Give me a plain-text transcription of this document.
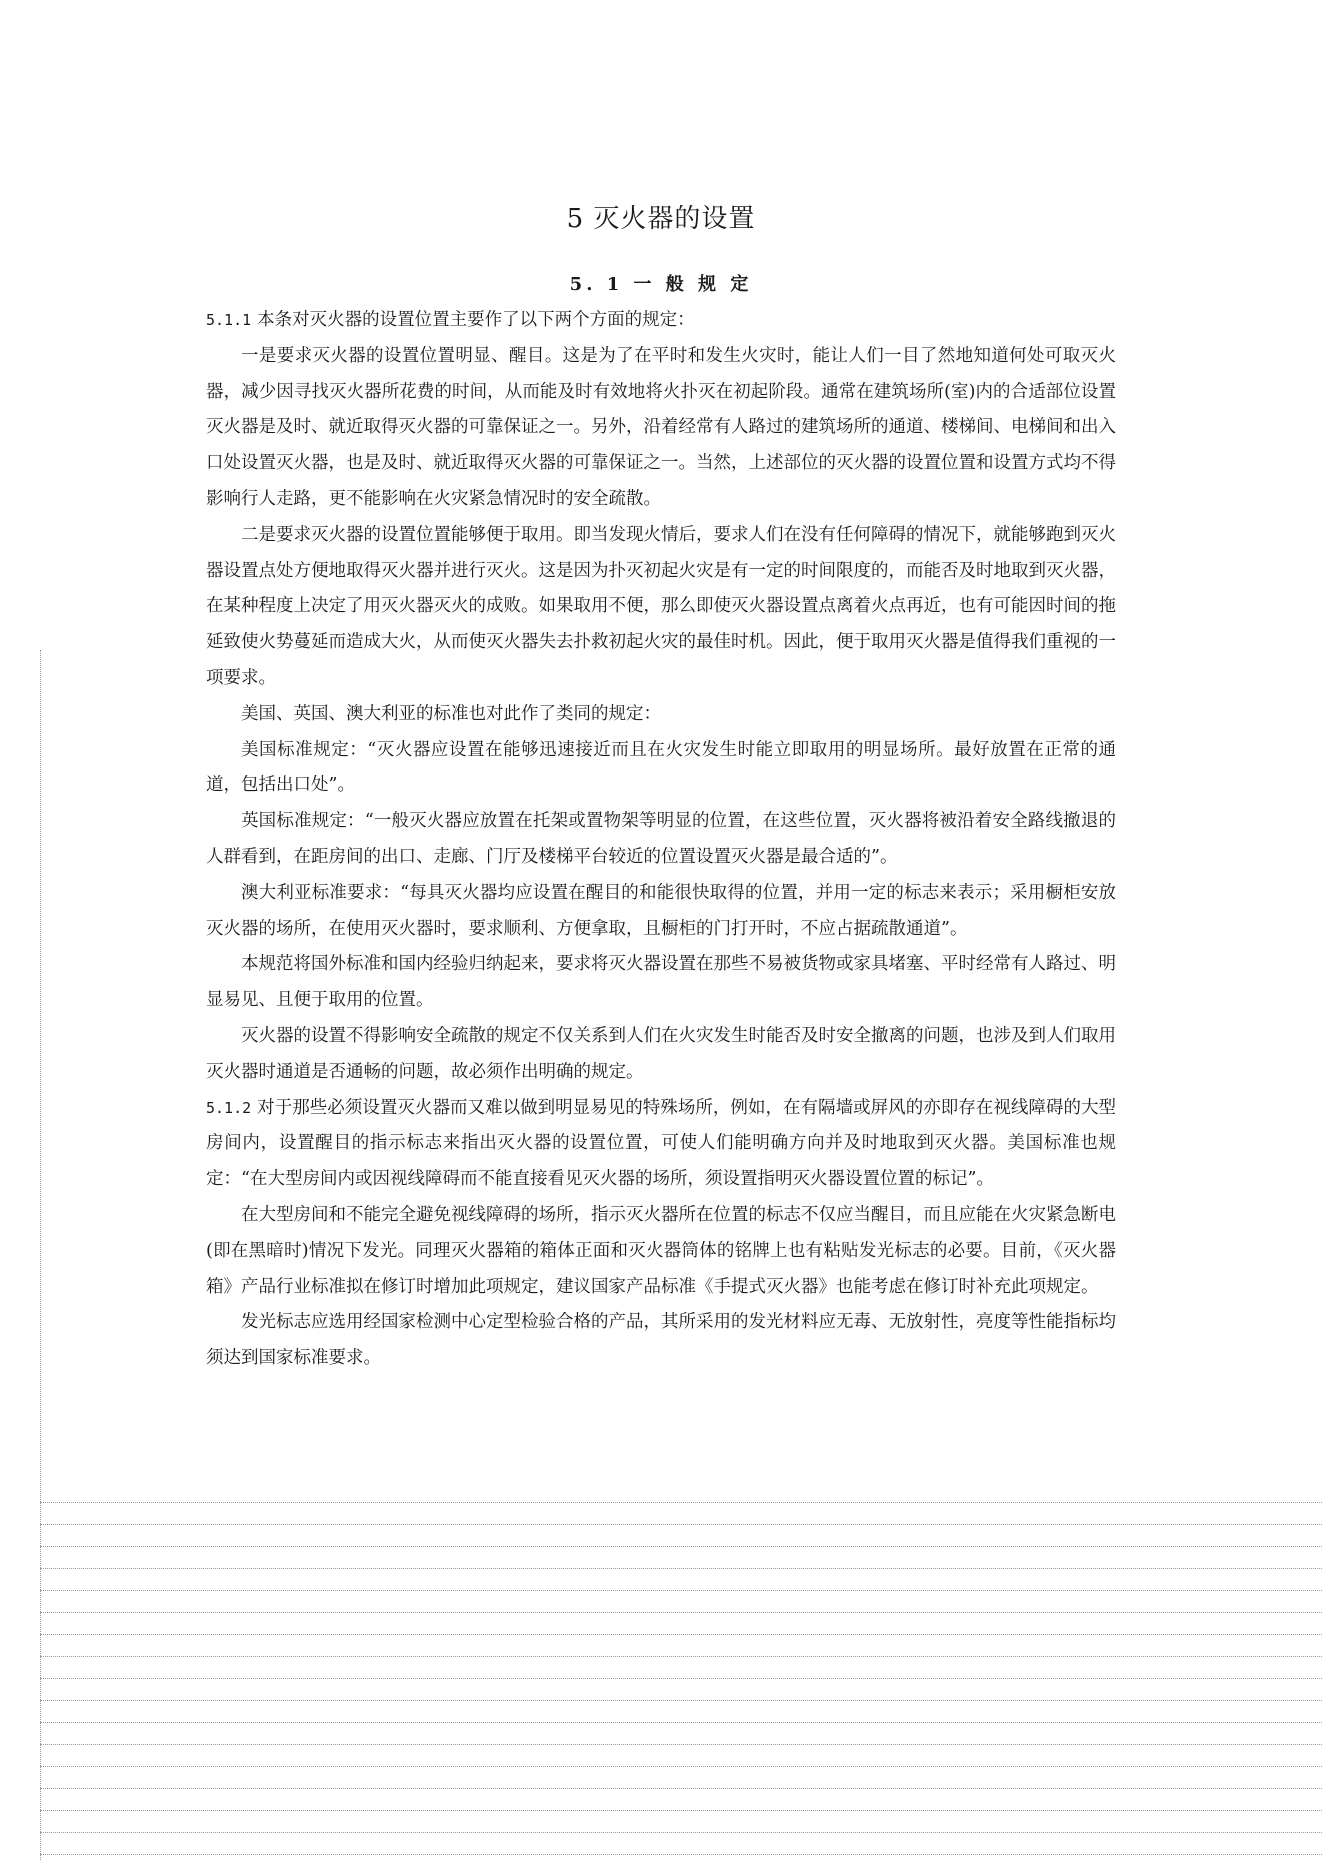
5 灭火器的设置
5. 1 一 般 规 定

5.1.1 本条对灭火器的设置位置主要作了以下两个方面的规定：

一是要求灭火器的设置位置明显、醒目。这是为了在平时和发生火灾时，能让人们一目了然地知道何处可取灭火器，减少因寻找灭火器所花费的时间，从而能及时有效地将火扑灭在初起阶段。通常在建筑场所(室)内的合适部位设置灭火器是及时、就近取得灭火器的可靠保证之一。另外，沿着经常有人路过的建筑场所的通道、楼梯间、电梯间和出入口处设置灭火器，也是及时、就近取得灭火器的可靠保证之一。当然，上述部位的灭火器的设置位置和设置方式均不得影响行人走路，更不能影响在火灾紧急情况时的安全疏散。

二是要求灭火器的设置位置能够便于取用。即当发现火情后，要求人们在没有任何障碍的情况下，就能够跑到灭火器设置点处方便地取得灭火器并进行灭火。这是因为扑灭初起火灾是有一定的时间限度的，而能否及时地取到灭火器，在某种程度上决定了用灭火器灭火的成败。如果取用不便，那么即使灭火器设置点离着火点再近，也有可能因时间的拖延致使火势蔓延而造成大火，从而使灭火器失去扑救初起火灾的最佳时机。因此，便于取用灭火器是值得我们重视的一项要求。

美国、英国、澳大利亚的标准也对此作了类同的规定：

美国标准规定：“灭火器应设置在能够迅速接近而且在火灾发生时能立即取用的明显场所。最好放置在正常的通道，包括出口处”。

英国标准规定：“一般灭火器应放置在托架或置物架等明显的位置，在这些位置，灭火器将被沿着安全路线撤退的人群看到，在距房间的出口、走廊、门厅及楼梯平台较近的位置设置灭火器是最合适的”。

澳大利亚标准要求：“每具灭火器均应设置在醒目的和能很快取得的位置，并用一定的标志来表示；采用橱柜安放灭火器的场所，在使用灭火器时，要求顺利、方便拿取，且橱柜的门打开时，不应占据疏散通道”。

本规范将国外标准和国内经验归纳起来，要求将灭火器设置在那些不易被货物或家具堵塞、平时经常有人路过、明显易见、且便于取用的位置。

灭火器的设置不得影响安全疏散的规定不仅关系到人们在火灾发生时能否及时安全撤离的问题，也涉及到人们取用灭火器时通道是否通畅的问题，故必须作出明确的规定。

5.1.2 对于那些必须设置灭火器而又难以做到明显易见的特殊场所，例如，在有隔墙或屏风的亦即存在视线障碍的大型房间内，设置醒目的指示标志来指出灭火器的设置位置，可使人们能明确方向并及时地取到灭火器。美国标准也规定：“在大型房间内或因视线障碍而不能直接看见灭火器的场所，须设置指明灭火器设置位置的标记”。

在大型房间和不能完全避免视线障碍的场所，指示灭火器所在位置的标志不仅应当醒目，而且应能在火灾紧急断电(即在黑暗时)情况下发光。同理灭火器箱的箱体正面和灭火器筒体的铭牌上也有粘贴发光标志的必要。目前，《灭火器箱》产品行业标准拟在修订时增加此项规定，建议国家产品标准《手提式灭火器》也能考虑在修订时补充此项规定。

发光标志应选用经国家检测中心定型检验合格的产品，其所采用的发光材料应无毒、无放射性，亮度等性能指标均须达到国家标准要求。
